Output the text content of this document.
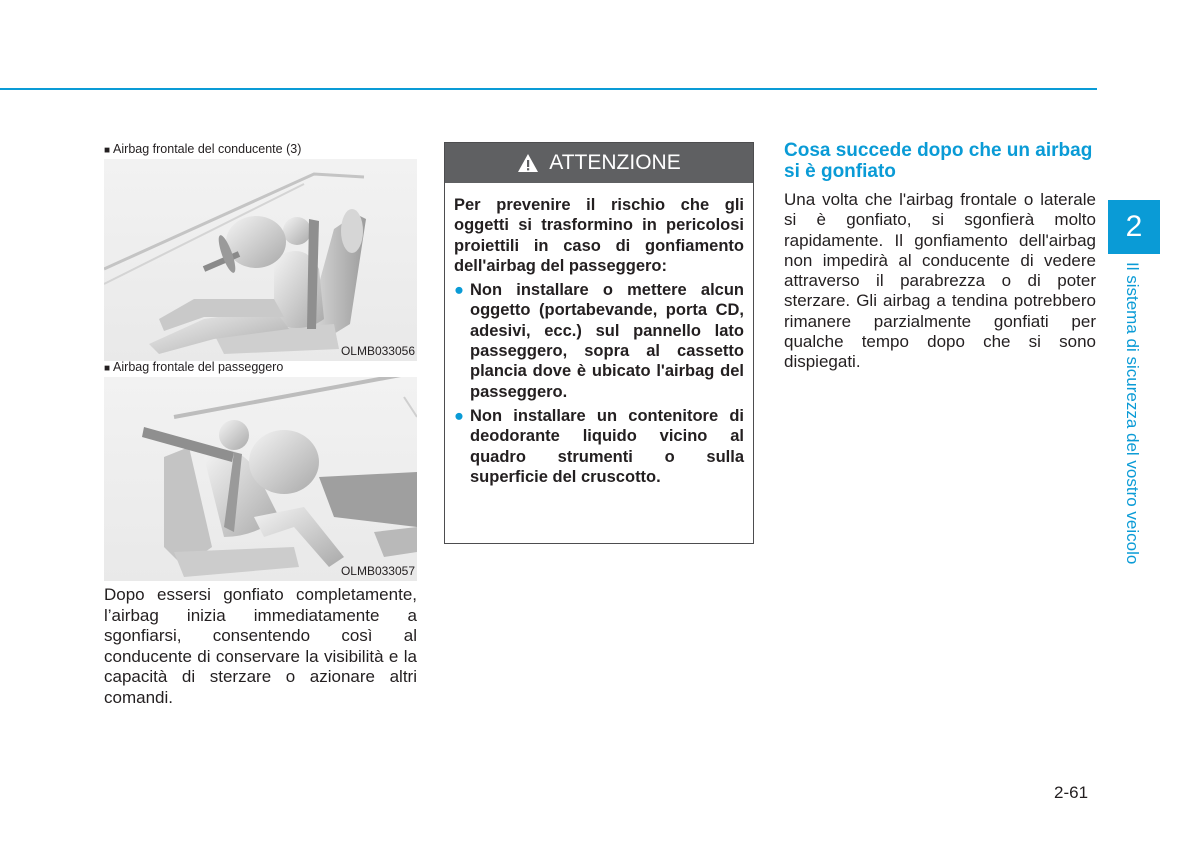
■ Airbag frontale del conducente (3)
OLMB033056
■ Airbag frontale del passeggero
OLMB033057

Dopo essersi gonfiato completamente, l’airbag inizia immediatamente a sgonfiarsi, consentendo così al conducente di conservare la visibilità e la capacità di sterzare o azionare altri comandi.

ATTENZIONE

Per prevenire il rischio che gli oggetti si trasformino in pericolosi proiettili in caso di gonfiamento dell'airbag del passeggero:

● Non installare o mettere alcun oggetto (portabevande, porta CD, adesivi, ecc.) sul pannello lato passeggero, sopra al cassetto plancia dove è ubicato l'airbag del passeggero.
● Non installare un contenitore di deodorante liquido vicino al quadro strumenti o sulla superficie del cruscotto.
Cosa succede dopo che un airbag si è gonfiato

Una volta che l'airbag frontale o laterale si è gonfiato, si sgonfierà molto rapidamente. Il gonfiamento dell'airbag non impedirà al conducente di vedere attraverso il parabrezza o di poter sterzare. Gli airbag a tendina potrebbero rimanere parzialmente gonfiati per qualche tempo dopo che si sono dispiegati.

2
Il sistema di sicurezza del vostro veicolo
2-61
